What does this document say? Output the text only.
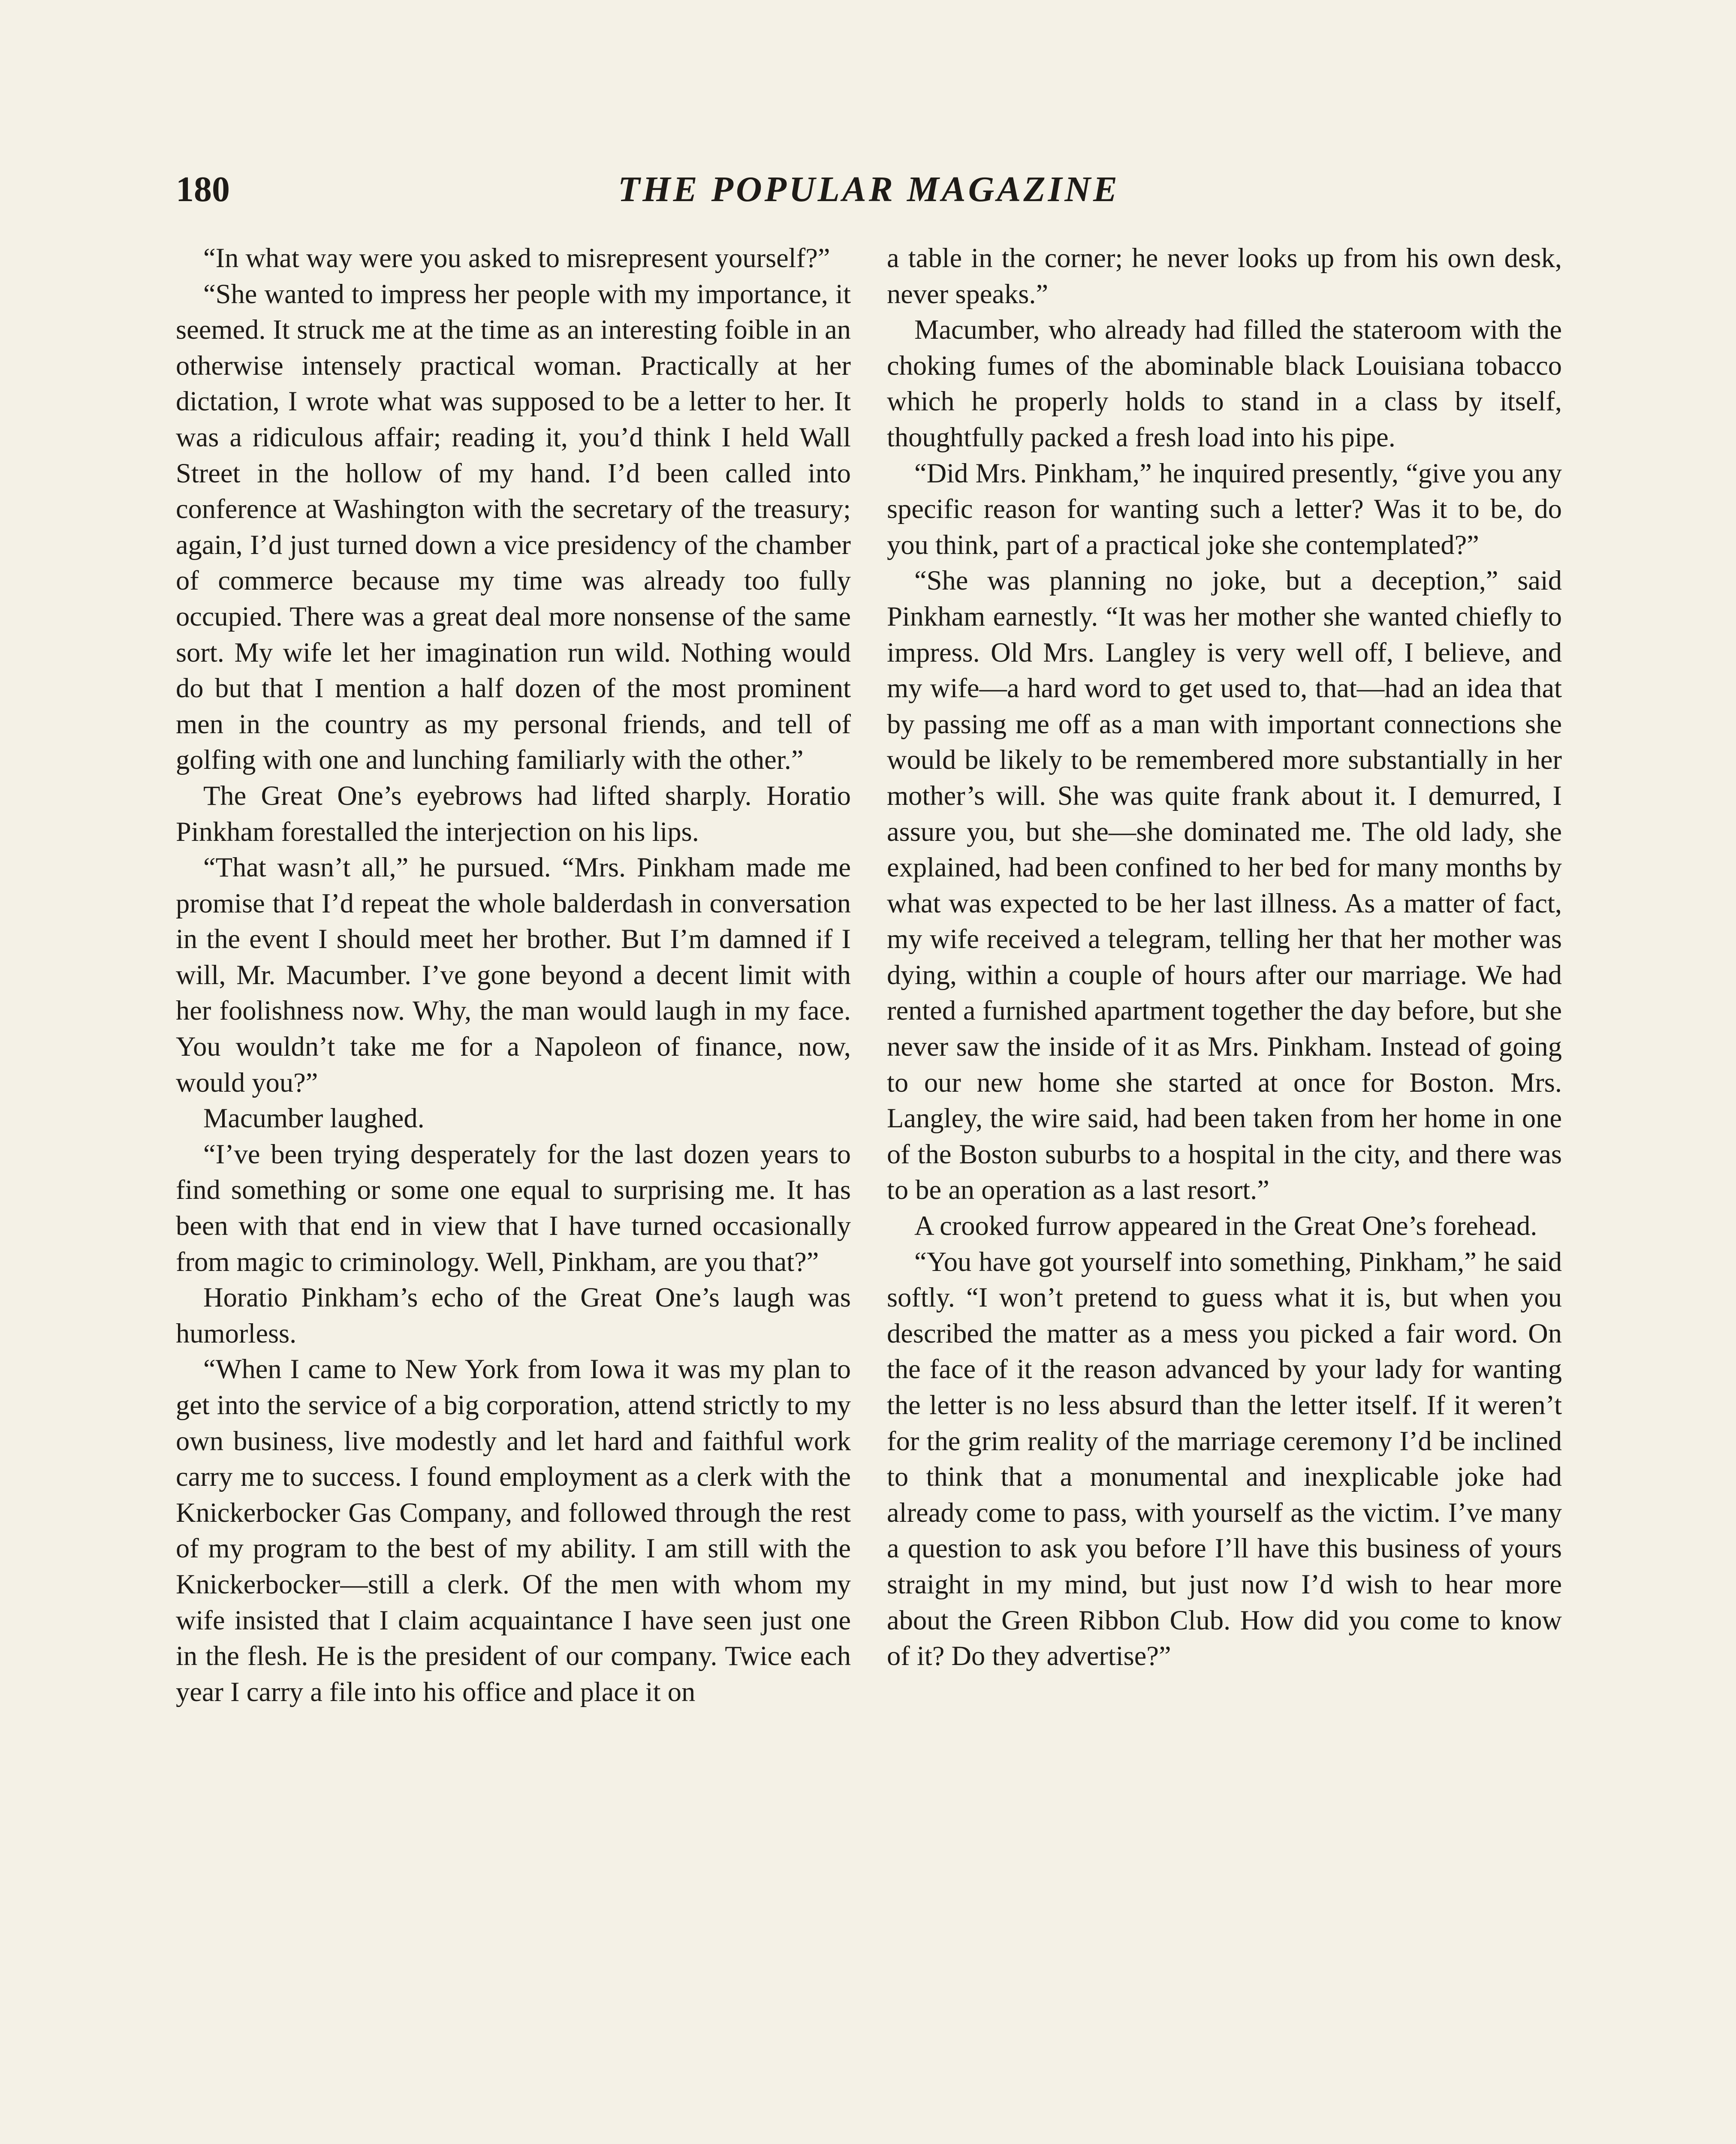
180	THE POPULAR MAGAZINE

“In what way were you asked to misrepresent yourself?”

“She wanted to impress her people with my importance, it seemed. It struck me at the time as an interesting foible in an otherwise intensely practical woman. Practically at her dictation, I wrote what was supposed to be a letter to her. It was a ridiculous affair; reading it, you’d think I held Wall Street in the hollow of my hand. I’d been called into conference at Washington with the secretary of the treasury; again, I’d just turned down a vice presidency of the chamber of commerce because my time was already too fully occupied. There was a great deal more nonsense of the same sort. My wife let her imagination run wild. Nothing would do but that I mention a half dozen of the most prominent men in the country as my personal friends, and tell of golfing with one and lunching familiarly with the other.”

The Great One’s eyebrows had lifted sharply. Horatio Pinkham forestalled the interjection on his lips.

“That wasn’t all,” he pursued. “Mrs. Pinkham made me promise that I’d repeat the whole balderdash in conversation in the event I should meet her brother. But I’m damned if I will, Mr. Macumber. I’ve gone beyond a decent limit with her foolishness now. Why, the man would laugh in my face. You wouldn’t take me for a Napoleon of finance, now, would you?”

Macumber laughed.

“I’ve been trying desperately for the last dozen years to find something or some one equal to surprising me. It has been with that end in view that I have turned occasionally from magic to criminology. Well, Pinkham, are you that?”

Horatio Pinkham’s echo of the Great One’s laugh was humorless.

“When I came to New York from Iowa it was my plan to get into the service of a big corporation, attend strictly to my own business, live modestly and let hard and faithful work carry me to success. I found employment as a clerk with the Knickerbocker Gas Company, and followed through the rest of my program to the best of my ability. I am still with the Knickerbocker—still a clerk. Of the men with whom my wife insisted that I claim acquaintance I have seen just one in the flesh. He is the president of our company. Twice each year I carry a file into his office and place it on

a table in the corner; he never looks up from his own desk, never speaks.”

Macumber, who already had filled the stateroom with the choking fumes of the abominable black Louisiana tobacco which he properly holds to stand in a class by itself, thoughtfully packed a fresh load into his pipe.

“Did Mrs. Pinkham,” he inquired presently, “give you any specific reason for wanting such a letter? Was it to be, do you think, part of a practical joke she contemplated?”

“She was planning no joke, but a deception,” said Pinkham earnestly. “It was her mother she wanted chiefly to impress. Old Mrs. Langley is very well off, I believe, and my wife—a hard word to get used to, that—had an idea that by passing me off as a man with important connections she would be likely to be remembered more substantially in her mother’s will. She was quite frank about it. I demurred, I assure you, but she—she dominated me. The old lady, she explained, had been confined to her bed for many months by what was expected to be her last illness. As a matter of fact, my wife received a telegram, telling her that her mother was dying, within a couple of hours after our marriage. We had rented a furnished apartment together the day before, but she never saw the inside of it as Mrs. Pinkham. Instead of going to our new home she started at once for Boston. Mrs. Langley, the wire said, had been taken from her home in one of the Boston suburbs to a hospital in the city, and there was to be an operation as a last resort.”

A crooked furrow appeared in the Great One’s forehead.

“You have got yourself into something, Pinkham,” he said softly. “I won’t pretend to guess what it is, but when you described the matter as a mess you picked a fair word. On the face of it the reason advanced by your lady for wanting the letter is no less absurd than the letter itself. If it weren’t for the grim reality of the marriage ceremony I’d be inclined to think that a monumental and inexplicable joke had already come to pass, with yourself as the victim. I’ve many a question to ask you before I’ll have this business of yours straight in my mind, but just now I’d wish to hear more about the Green Ribbon Club. How did you come to know of it? Do they advertise?”
